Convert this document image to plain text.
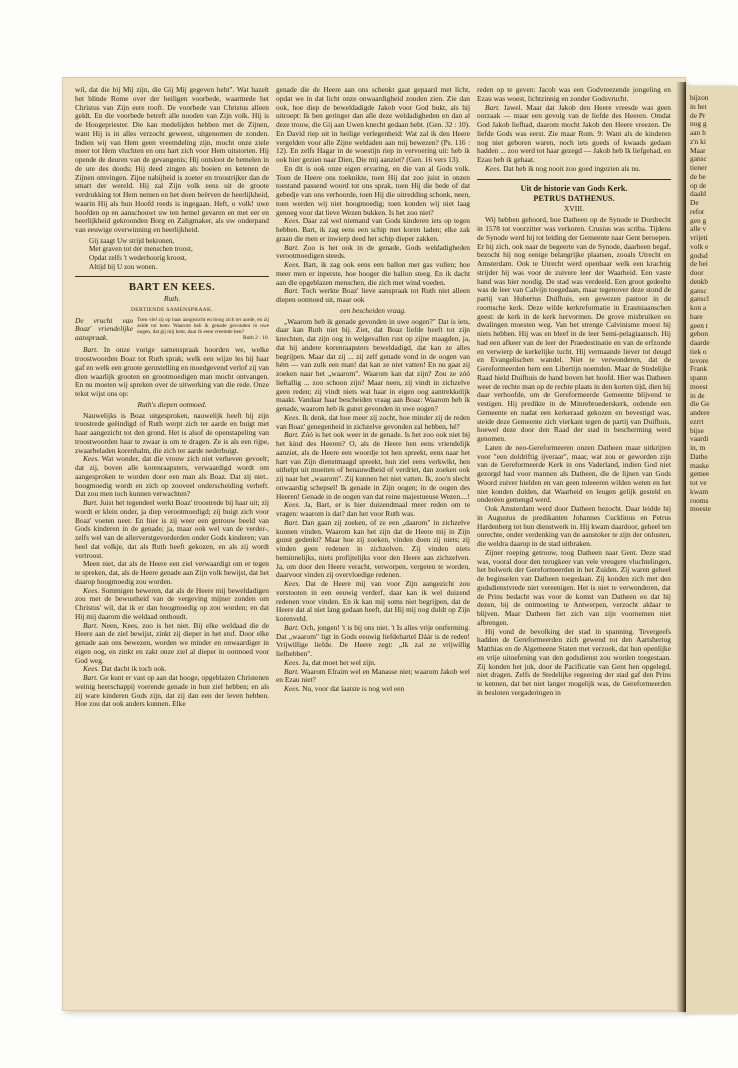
wil, dat die bij Mij zijn, die Gij Mij gegeven hebt". Wat bazelt het blinde Rome over der heiligen voorbede, waarmede het Christus van Zijn eere rooft. De voorbede van Christus alleen geldt. En die voorbede betreft alle nooden van Zijn volk. Hij is de Hoogepriester. Die kan medelijden hebben met de Zijnen, want Hij is in alles verzocht geweest, uitgenomen de zonden. Indien wij van Hem geen vreemdeling zijn, mocht onze ziele meer tot Hem vluchten en ons hart zich voor Hem uitstorten. Hij opende de deuren van de gevangenis; Hij ontsloot de hemelen in de ure des doods; Hij deed zingen als boeien en ketenen de Zijnen omvingen. Zijne nabijheid is zoeter en troostrijker dan de smart der wereld. Hij zal Zijn volk eens uit de groote verdrukking tot Hem nemen en het doen beërven de heerlijkheid, waarin Hij als hun Hoofd reeds is ingegaan. Heft, o volk! uwe hoofden op en aanschouwt uw ten hemel gevaren en met eer en heerlijkheid gekroonden Borg en Zaligmaker, als uw onderpand van eeuwige overwinning en heerlijkheid.

Gij zaagt Uw strijd bekronen,
Met graven tot der menschen troost,
Opdat zelfs 't wederhoorig kroost,
Altijd bij U zou wonen.
BART EN KEES.
Ruth.
DERTIENDE SAMENSPRAAK.
De vrucht van Boaz' vriendelijke aanspraak.
Toen viel zij op haar aangezicht en boog zich ter aarde, en zij zeide tot hem: Waarom heb ik genade gevonden in uwe oogen, dat gij mij kent, daar ik eene vreemde ben?
Ruth 2 : 10.

Bart. In onze vorige samenspraak hoorden we, welke troostwoorden Boaz tot Ruth sprak; welk een wijze les hij haar gaf en welk een groote gerustelling en moedgevend verlof zij van dien waarlijk grooten en grootmoedigen man mocht ontvangen. En nu moeten wij spreken over de uitwerking van die rede. Onze tekst wijst ons op:

Ruth's diepen ootmoed.

Nauwelijks is Boaz uitgesproken, nauwelijk heeft hij zijn troostrede geëindigd of Ruth werpt zich ter aarde en buigt met haar aangezicht tot den grond. Het is alsof de openstapeling van troostwoorden haar te zwaar is om te dragen. Ze is als een rijpe, zwaarbeladen korenhalm, die zich ter aarde nederbuigt.

Kees. Wat wonder, dat die vrouw zich niet verheven gevoelt; dat zij, boven alle korenraapsters, verwaardigd wordt om aangesproken te worden door een man als Boaz. Dat zij niet.. hoogmoedig wordt en zich op zooveel onderscheiding verheft. Dat zou men toch kunnen verwachten?

Bart. Juist het tegendeel werkt Boaz' troostrede bij haar uit; zij wordt er klein onder, ja diep verootmoedigd; zij buigt zich voor Boaz' voeten neer. En hier is zij weer een getrouw beeld van Gods kinderen in de genade; ja, maar ook wel van de verder-, zelfs wel van de allerverstgevorderden onder Gods kinderen; van heel dat volkje, dat als Ruth heeft gekozen, en als zij wordt vertroost.

Meen niet, dat als de Heere een ziel verwaardigt om er tegen te spreken, dat, als de Heere genade aan Zijn volk bewijst, dat het daarop hoogmoedig zou worden.

Kees. Sommigen beweren, dat als de Heere mij beweldadigen zou met de bewustheid van de vergeving mijner zonden om Christus' wil, dat ik er dan hoogmoedig op zou worden; en dat Hij mij daarom die weldaad onthoudt.

Bart. Neen, Kees, zoo is het niet. Bij elke weldaad die de Heere aan de ziel bewijst, zinkt zij dieper in het stof. Door elke genade aan ons bewezen, worden we minder en onwaardiger in eigen oog, en zinkt en zakt onze ziel al dieper in ootmoed voor God weg.

Kees. Dat dacht ik toch ook.

Bart. Ge kunt er vast op aan dat hooge, opgeblazen Christenen weinig heerschappij voerende genade in hun ziel hebben; en als zij ware kinderen Gods zijn, dat zij dan een der leven hebben. Hoe zou dat ook anders kunnen. Elke

genade die de Heere aan ons schenkt gaat gepaard met licht, opdat we in dat licht onze onwaardigheid zouden zien. Zie dan ook, hoe diep de beweldadigde Jakob voor God bukt, als hij uitroept: Ik ben geringer dan alle deze weldadigheden en dan al deze trouw, die Gij aan Uwen knecht gedaan hebt. (Gen. 32 : 10). En David riep uit in heilige verlegenheid: Wat zal ik den Heere vergelden voor alle Zijne weldaden aan mij bewezen? (Ps. 116 : 12). En zelfs Hagar in de woestijn riep in vervoering uit: heb ik ook hier gezien naar Dien, Die mij aanziet? (Gen. 16 vers 13).

En dit is ook onze eigen ervaring, en die van al Gods volk. Toen de Heere ons toeknikte, toen Hij dat zoo juist in onzen toestand passend woord tot ons sprak, toen Hij die bede of dat gebedje van ons verhoorde, toen Hij die uitredding schonk, neen, toen werden wij niet hoogmoedig; toen konden wij niet laag genoeg voor dat lieve Wezen bukken. Is het zoo niet?

Kees. Daar zal wel niemand van Gods kinderen iets op tegen hebben. Bart, ik zag eens een schip met koren laden; elke zak graan die men er inwierp deed het schip dieper zakken.

Bart. Zoo is het ook in de genade, Gods weldadigheden verootmoedigen steeds.

Kees. Bart, ik zag ook eens een ballon met gas vullen; hoe meer men er inperste, hoe hooger die ballon steeg. En ik dacht aan die opgeblazen menschen, die zich met wind voeden.

Bart. Toch werkte Boaz' lieve aanspraak tot Ruth niet alleen diepen ootmoed uit, maar ook

een bescheiden vraag.

„Waarom heb ik genade gevonden in uwe oogen?" Dat is iets, daar kan Ruth niet bij. Ziet, dat Boaz liefde heeft tot zijn knechten, dat zijn oog in welgevallen rust op zijne maagden, ja, dat hij andere korenraapsters beweldadigd, dat kan ze alles begrijpen. Maar dat zij ... zij zelf genade vond in de oogen van hém — van zulk een man! dat kan ze niet vatten! En nu gaat zij zoeken naar het „waarom". Waarom kan dat zijn? Zou ze zóó lieftallig ... zoo schoon zijn? Maar neen, zij vindt in zichzelve geen reden; zij vindt niets wat haar in eigen oog aantrekkelijk maakt. Vandaar haar bescheiden vraag aan Boaz: Waarom heb ik genade, waarom heb ik gunst gevonden in uwe oogen?

Kees. Ik denk, dat hoe meer zij zocht, hoe minder zij de reden van Boaz' genegenheid in zichzelve gevonden zal hebben, hé?

Bart. Zóó is het ook weer in de genade. Is het zoo ook niet bij het kind des Heeren? O, als de Heere hen eens vriendelijk aanziet, als de Heere een woordje tot hen spreekt, eens naar het hart van Zijn dienstmaagd spreekt, hun ziel eens verkwikt, hen uithelpt uit moeiten of benauwdheid of verdriet, dan zoeken ook zij naar het „waarom". Zij kunnen het niet vatten. Ik, zoo'n slecht onwaardig schepsel! Ik genade in Zijn oogen; in de oogen des Heeren! Genade in de oogen van dat reine majestueuse Wezen....!

Kees. Ja, Bart, er is hier duizendmaal meer reden om te vragen: waarom is dat? dan het voor Ruth was.

Bart. Dan gaan zij zoeken, of ze een „daarom" in zichzelve kunnen vinden. Waarom kan het zijn dat de Heere mij in Zijn gunst gedenkt? Maar hoe zij zoeken, vinden doen zij niets; zij vinden geen redenen in zichzelven. Zij vinden niets beminnelijks, niets profijtelijks voor den Heere aan zichzelven. Ja, om door den Heere veracht, verworpen, vergeten te worden, daarvoor vinden zij overvloedige redenen.

Kees. Dat de Heere mij van voor Zijn aangezicht zou verstooten in een eeuwig verderf, daar kan ik wel duizend redenen voor vinden. En ik kan mij soms niet begrijpen, dat de Heere dat al niet lang gedaan heeft, dat Hij mij nog duldt op Zijn korenveld.

Bart. Och, jongen! 't is bij ons niet. 't Is alles vrije ontferming. Dat „waarom" ligt in Gods eeuwig liefdehartel Dáár is de reden! Vrijwillige liefde. De Heere zegt: „Ik zal ze vrijwillig liefhebben".

Kees. Ja, dat moet het wel zijn.

Bart. Waarom Efraim wel en Manasse niet; waarom Jakob wel en Ezau niet?

Kees. Nu, voor dat laatste is nog wel een

reden op te geven: Jacob was een Godvreezende jongeling en Ezau was woest, lichtzinnig en zonder Godsvrucht.

Bart. Jawel. Maar dat Jakob den Heere vreesde was geen oorzaak — maar een gevolg van de liefde des Heeren. Omdat God Jakob liefhad, daarom mocht Jakob den Heere vreezen. De liefde Gods was eerst. Zie maar Rom. 9: Want als de kinderen nog niet geboren waren, noch iets goeds of kwaads gedaan hadden ... zoo werd tot haar gezegd — Jakob heb Ik liefgehad, en Ezau heb ik gehaat.

Kees. Dat heb ik nog nooit zoo goed ingezien als nu.

Uit de historie van Gods Kerk.
PETRUS DATHENUS.
XVIII.

Wij hebben gehoord, hoe Datheen op de Synode te Dordrecht in 1578 tot voorzitter was verkoren. Crusius was scriba. Tijdens de Synode werd hij tot leiding der Gemeente naar Gent beroepen. Er hij zich, ook naar de begeerte van de Synode, daarheen begaf, bezocht hij nog eenige belangrijke plaatsen, zooals Utrecht en Amsterdam. Ook te Utrecht werd openbaar welk een krachtig strijder hij was voor de zuivere leer der Waarheid. Een vaste hand was hier noodig. De stad was verdeeld. Een groot gedeelte was de leer van Calvijn toegedaan, maar tegenover deze stond de partij van Hubertus Duifhuis, een gewezen pastoor in de roomsche kerk. Deze wilde kerkreformatie in Erasmiaanschen geest: de kerk in de kerk hervormen. De grove misbruiken en dwalingen moesten weg. Van het strenge Calvinisme moest hij niets hebben. Hij was en bleef in de leer Semi-pelagiaansch. Hij had een afkeer van de leer der Praedestinatie en van de erfzonde en verwierp de kerkelijke tucht. Hij vermaande liever tot deugd en Evangelischen wandel. Niet te verwonderen, dat de Gereformeerden hem een Libertijn noemden. Maar de Stedelijke Raad hield Duifhuis de hand boven het hoofd. Hier was Datheen weer de rechte man op de rechte plaats in den korten tijd, dien hij daar verhoofde, om de Gereformeerde Gemeente blijvend te vestigen. Hij predikte in de Minrebroederskerk, ordende een Gemeente en nadat een kerkeraad gekozen en bevestigd was, steide deze Gemeente zich vierkant tegen de partij van Duifhuis, hoewel deze door den Raad der stad in bescherming werd genomen.

Laten de neo-Gereformeeren onzen Datheen maar uitkrijten voor "een doldriftig ijveraar", maar, wat zou er geworden zijn van de Gereformeerde Kerk in ons Vaderland, indien God niet gezorgd had voor mannen als Datheen, die de lijnen van Gods Woord zuiver hielden en van geen toleeeren wilden weten en het niet konden dulden, dat Waarheid en leugen gelijk gesteld en onderéen gemengd werd.

Ook Amsterdam werd door Datheen bezocht. Daar leidde hij in Augustus de predikanten Johannes Cucklinus en Petrus Hardenberg tot hun dienstwerk in. Hij kwam daardoor, geheel ten onrechte, onder verdenking van de aanstoker te zijn der onlusten, die weldra daarop in de stad uitbraken.

Zijner roeping getrouw, toog Datheen naar Gent. Deze stad was, vooral door den terugkeer van vele vreugere vluchtelingen, het bolwerk der Gereformeerden in het Zuiden. Zij waren geheel de beginselen van Datheen toegedaan. Zij konden zich met den godsdienstvrede niet vereenigen. Het is niet te verwonderen, dat de Prins bedacht was voor de komst van Datheen en dat hij dezen, bij de ontmoeting te Antwerpen, verzocht aldaar te blijven. Maar Datheen liet zich van zijn voornemen niet afbrengen.

Hij vond de bevolking der stad in spanning. Tevergeefs hadden de Gereformeerden zich gewend tot den Aartshertog Matthias en de Algemeene Staten met verzoek, dat hun openlijke en vrije uitoefening van den godsdienst zou worden toegestaan. Zij konden het juk, door de Pacificatie van Gent hen opgelegd, niet dragen. Zelfs de Stedelijke regeering der stad gaf den Prins te kennen, dat het niet langer mogelijk was, de Gereformeerden in besloten vergaderingen in

bijzon
in het
de Pr
nog g
aan h
z'n ki
Maar
gansc
tiener
de be
op de
daald
De
refor
gen g
alle v
vrijeti
volk e
godsd
de hei
door
denkb
gansc
ganscl
kon a
bare
geen t
gebon
daarde
tiek o
tevore
Frank
spann
moest
in de
die Ge
andere
ezrrt
bijse
vaardi
in, m
Dathe
maske
gemee
tot ve
kwam
rooms
moeste
